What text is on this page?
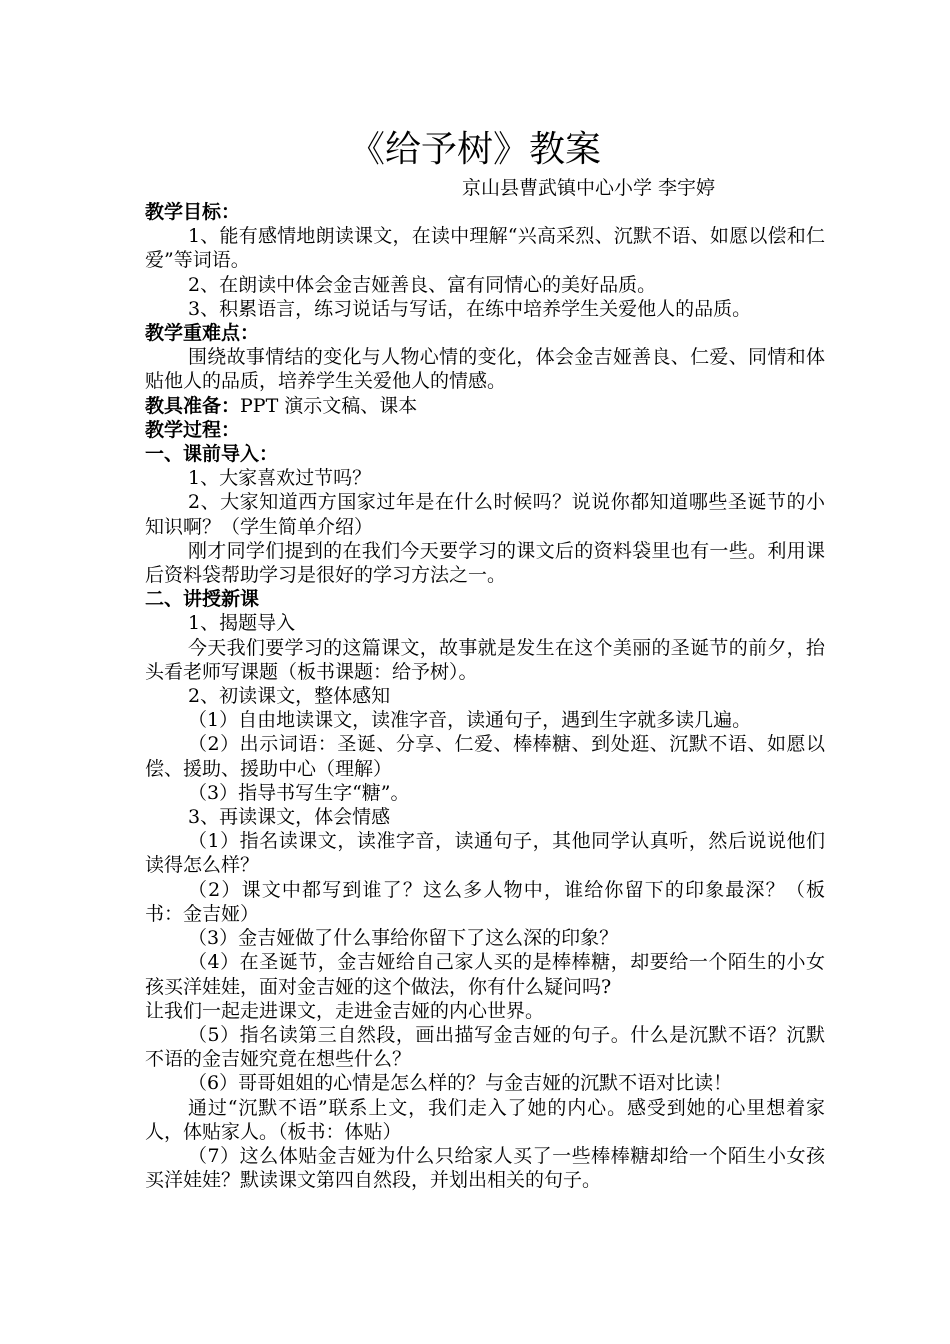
《给予树》教案
京山县曹武镇中心小学 李宇婷

教学目标：

1、能有感情地朗读课文，在读中理解“兴高采烈、沉默不语、如愿以偿和仁爱”等词语。

2、在朗读中体会金吉娅善良、富有同情心的美好品质。

3、积累语言，练习说话与写话，在练中培养学生关爱他人的品质。

教学重难点：

围绕故事情结的变化与人物心情的变化，体会金吉娅善良、仁爱、同情和体贴他人的品质，培养学生关爱他人的情感。

教具准备：PPT 演示文稿、课本

教学过程：

一、课前导入：

1、大家喜欢过节吗？

2、大家知道西方国家过年是在什么时候吗？说说你都知道哪些圣诞节的小知识啊？（学生简单介绍）

刚才同学们提到的在我们今天要学习的课文后的资料袋里也有一些。利用课后资料袋帮助学习是很好的学习方法之一。

二、讲授新课

1、揭题导入

今天我们要学习的这篇课文，故事就是发生在这个美丽的圣诞节的前夕，抬头看老师写课题（板书课题：给予树）。

2、初读课文，整体感知

（1）自由地读课文，读准字音，读通句子，遇到生字就多读几遍。

（2）出示词语：圣诞、分享、仁爱、棒棒糖、到处逛、沉默不语、如愿以偿、援助、援助中心（理解）

（3）指导书写生字“糖”。

3、再读课文，体会情感

（1）指名读课文，读准字音，读通句子，其他同学认真听，然后说说他们读得怎么样？

（2）课文中都写到谁了？这么多人物中，谁给你留下的印象最深？（板书：金吉娅）

（3）金吉娅做了什么事给你留下了这么深的印象？

（4）在圣诞节，金吉娅给自己家人买的是棒棒糖，却要给一个陌生的小女孩买洋娃娃，面对金吉娅的这个做法，你有什么疑问吗?

让我们一起走进课文，走进金吉娅的内心世界。

（5）指名读第三自然段，画出描写金吉娅的句子。什么是沉默不语？沉默不语的金吉娅究竟在想些什么？

（6）哥哥姐姐的心情是怎么样的？与金吉娅的沉默不语对比读！

通过“沉默不语”联系上文，我们走入了她的内心。感受到她的心里想着家人，体贴家人。（板书：体贴）

（7）这么体贴金吉娅为什么只给家人买了一些棒棒糖却给一个陌生小女孩买洋娃娃？默读课文第四自然段，并划出相关的句子。
